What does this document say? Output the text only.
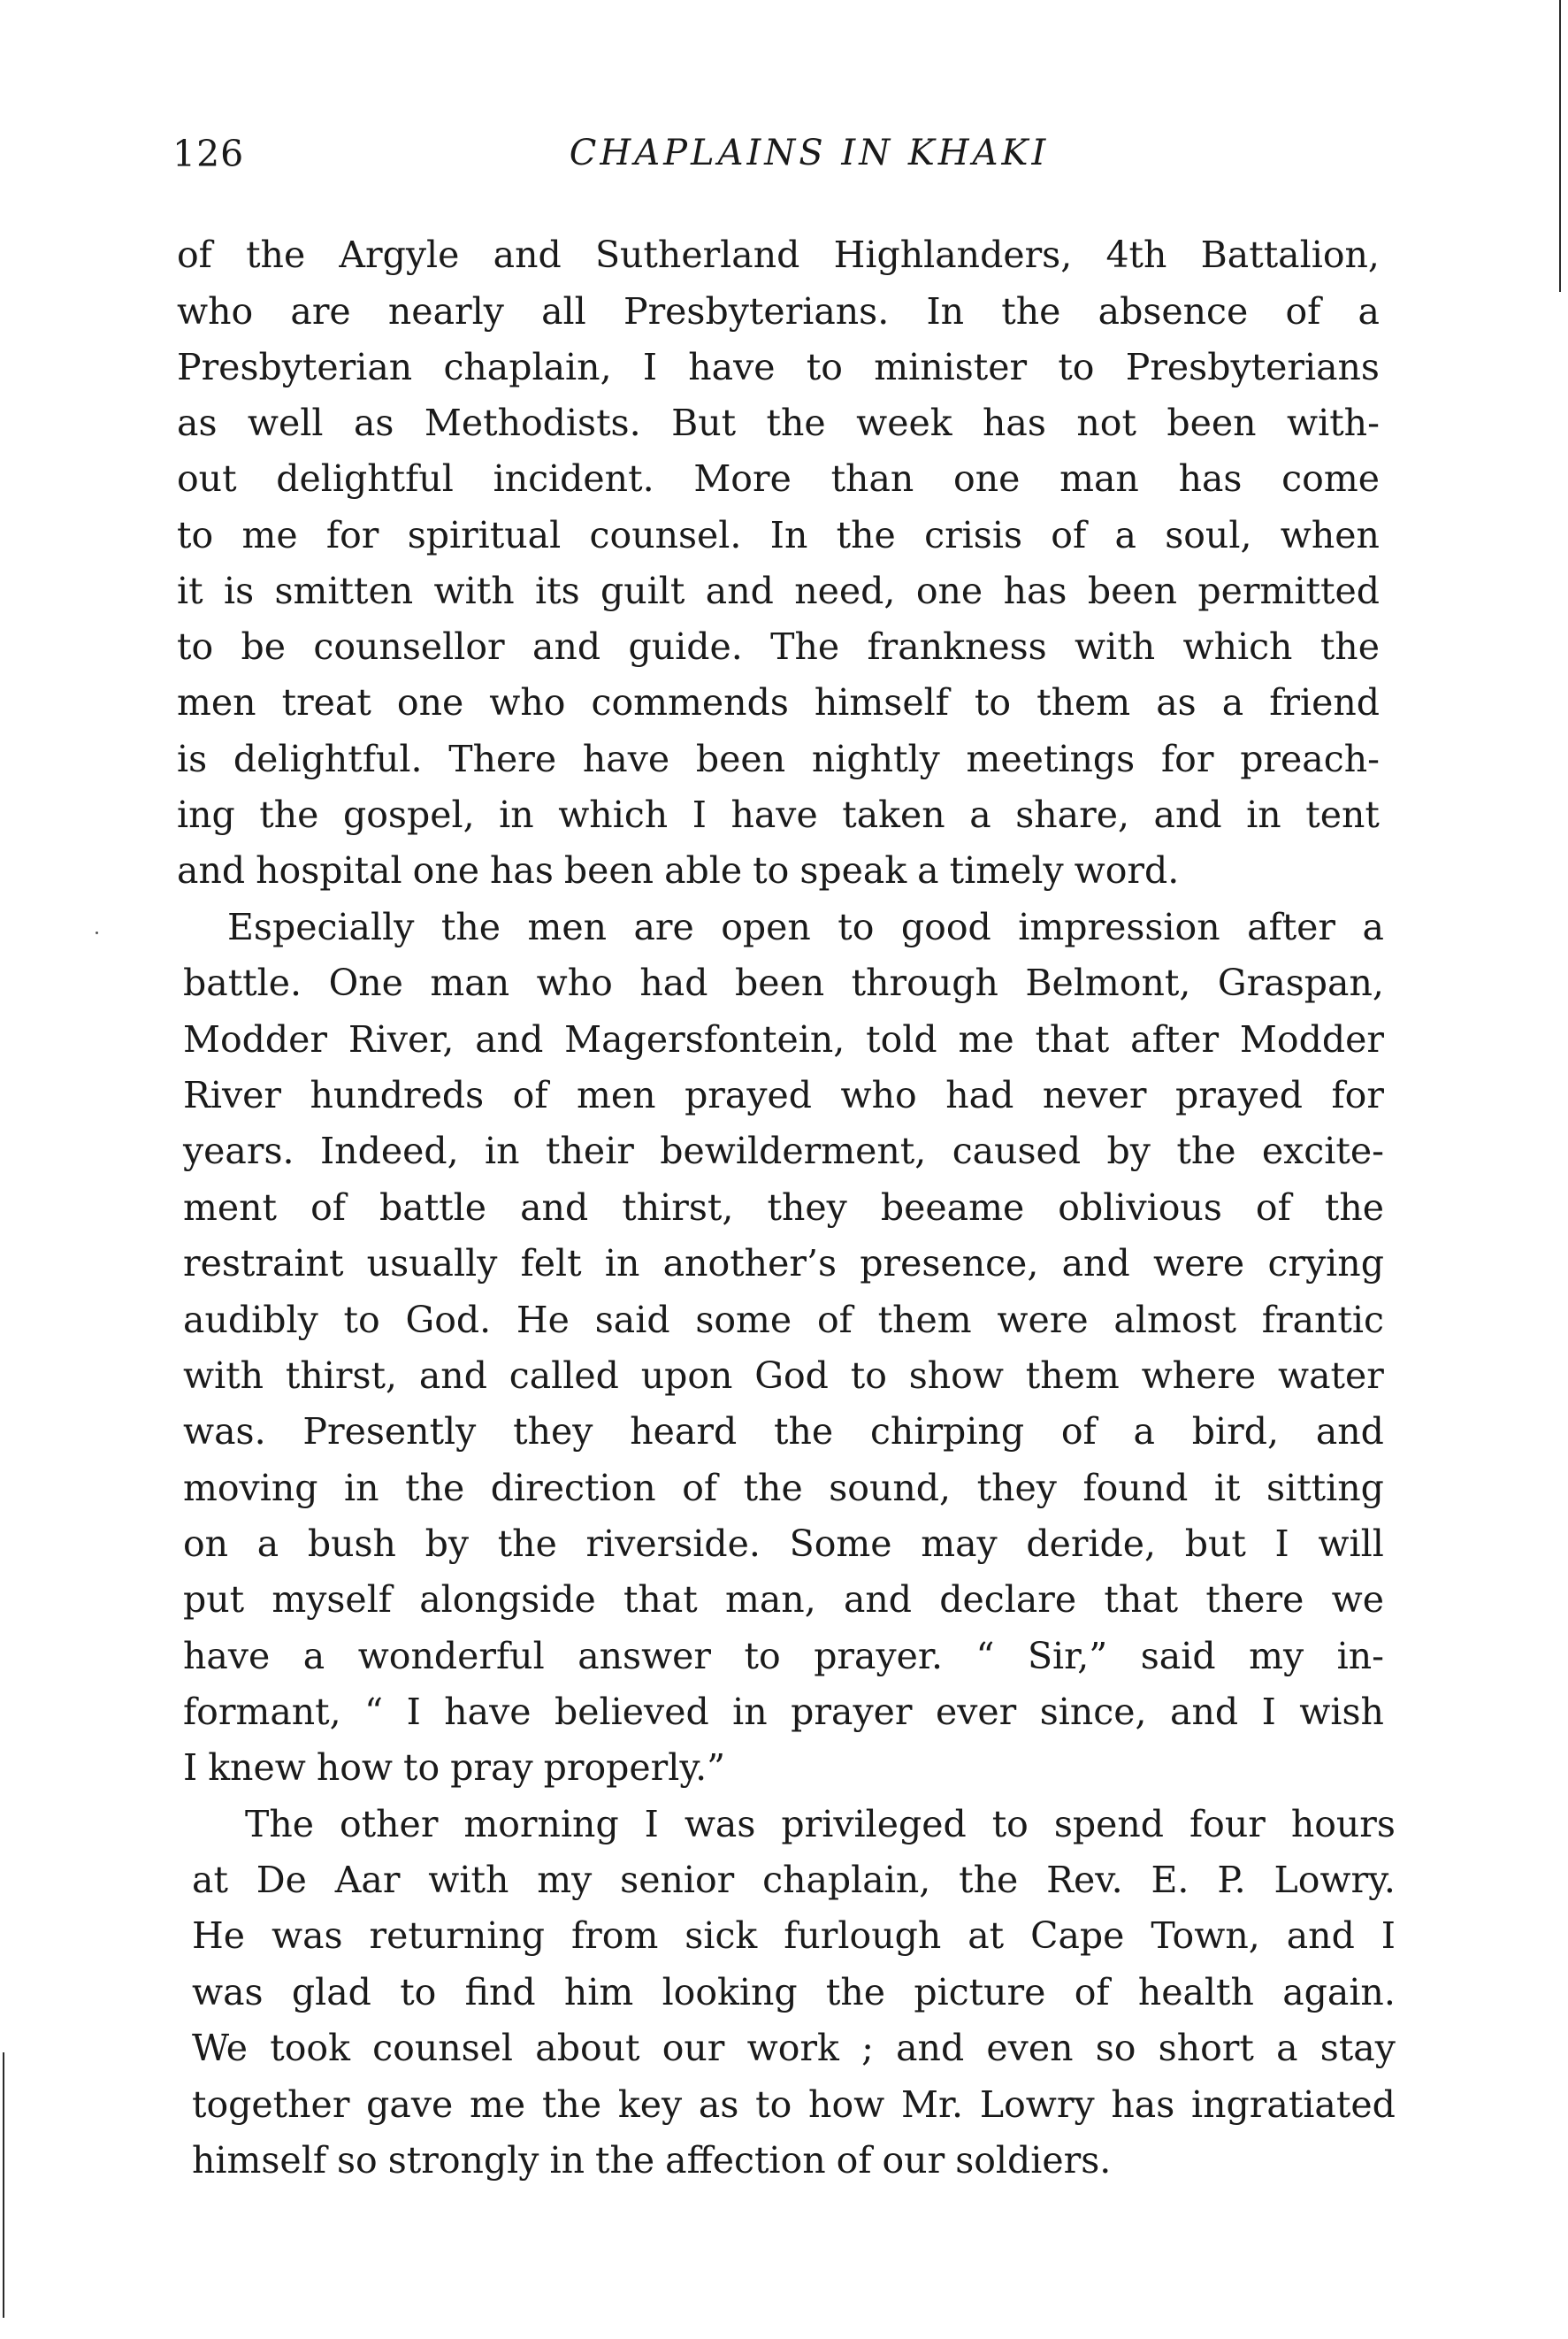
126	CHAPLAINS IN KHAKI
of the Argyle and Sutherland Highlanders, 4th Battalion,
who are nearly all Presbyterians. In the absence of a
Presbyterian chaplain, I have to minister to Presbyterians
as well as Methodists. But the week has not been with-
out delightful incident. More than one man has come
to me for spiritual counsel. In the crisis of a soul, when
it is smitten with its guilt and need, one has been permitted
to be counsellor and guide. The frankness with which the
men treat one who commends himself to them as a friend
is delightful. There have been nightly meetings for preach-
ing the gospel, in which I have taken a share, and in tent
and hospital one has been able to speak a timely word.
Especially the men are open to good impression after a
battle. One man who had been through Belmont, Graspan,
Modder River, and Magersfontein, told me that after Modder
River hundreds of men prayed who had never prayed for
years. Indeed, in their bewilderment, caused by the excite-
ment of battle and thirst, they beeame oblivious of the
restraint usually felt in another’s presence, and were crying
audibly to God. He said some of them were almost frantic
with thirst, and called upon God to show them where water
was. Presently they heard the chirping of a bird, and
moving in the direction of the sound, they found it sitting
on a bush by the riverside. Some may deride, but I will
put myself alongside that man, and declare that there we
have a wonderful answer to prayer. “ Sir,” said my in-
formant, “ I have believed in prayer ever since, and I wish
I knew how to pray properly.”
The other morning I was privileged to spend four hours
at De Aar with my senior chaplain, the Rev. E. P. Lowry.
He was returning from sick furlough at Cape Town, and I
was glad to find him looking the picture of health again.
We took counsel about our work ; and even so short a stay
together gave me the key as to how Mr. Lowry has ingratiated
himself so strongly in the affection of our soldiers.
